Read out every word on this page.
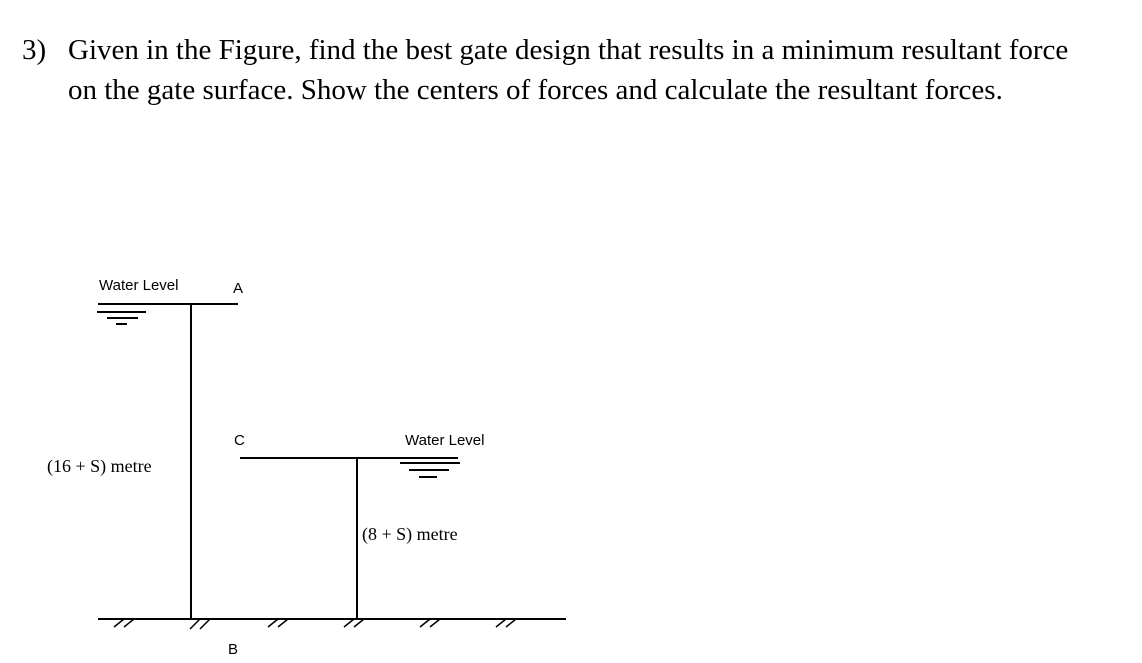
3) Given in the Figure, find the best gate design that results in a minimum resultant force
on the gate surface. Show the centers of forces and calculate the resultant forces.
Water Level	A
C	Water Level
B
(16 + S) metre
(8 + S) metre
